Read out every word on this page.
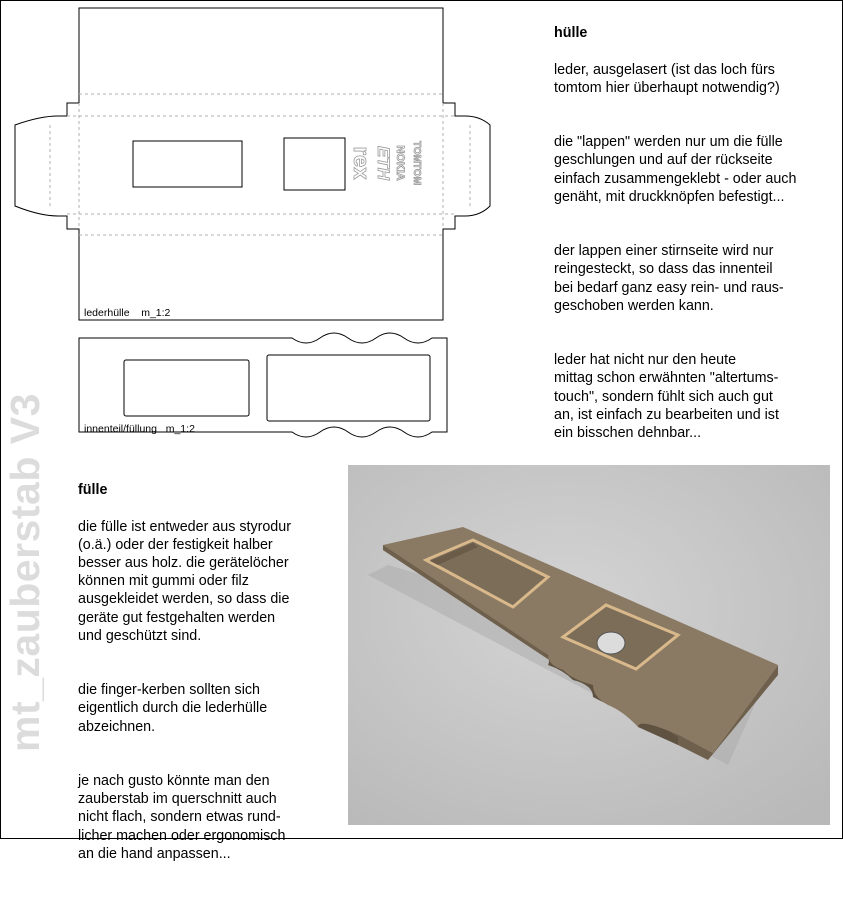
mt_zauberstab V3
rex ETH NOKIA TOMTOM
lederhülle    m_1:2
innenteil/füllung   m_1:2

hülle

leder, ausgelasert (ist das loch fürs
tomtom hier überhaupt notwendig?)

die "lappen" werden nur um die fülle
geschlungen und auf der rückseite
einfach zusammengeklebt - oder auch
genäht, mit druckknöpfen befestigt...

der lappen einer stirnseite wird nur
reingesteckt, so dass das innenteil
bei bedarf ganz easy rein- und raus-
geschoben werden kann.

leder hat nicht nur den heute
mittag schon erwähnten "altertums-
touch", sondern fühlt sich auch gut
an, ist einfach zu bearbeiten und ist
ein bisschen dehnbar...

fülle

die fülle ist entweder aus styrodur
(o.ä.) oder der festigkeit halber
besser aus holz. die gerätelöcher
können mit gummi oder filz
ausgekleidet werden, so dass die
geräte gut festgehalten werden
und geschützt sind.

die finger-kerben sollten sich
eigentlich durch die lederhülle
abzeichnen.

je nach gusto könnte man den
zauberstab im querschnitt auch
nicht flach, sondern etwas rund-
licher machen oder ergonomisch
an die hand anpassen...
